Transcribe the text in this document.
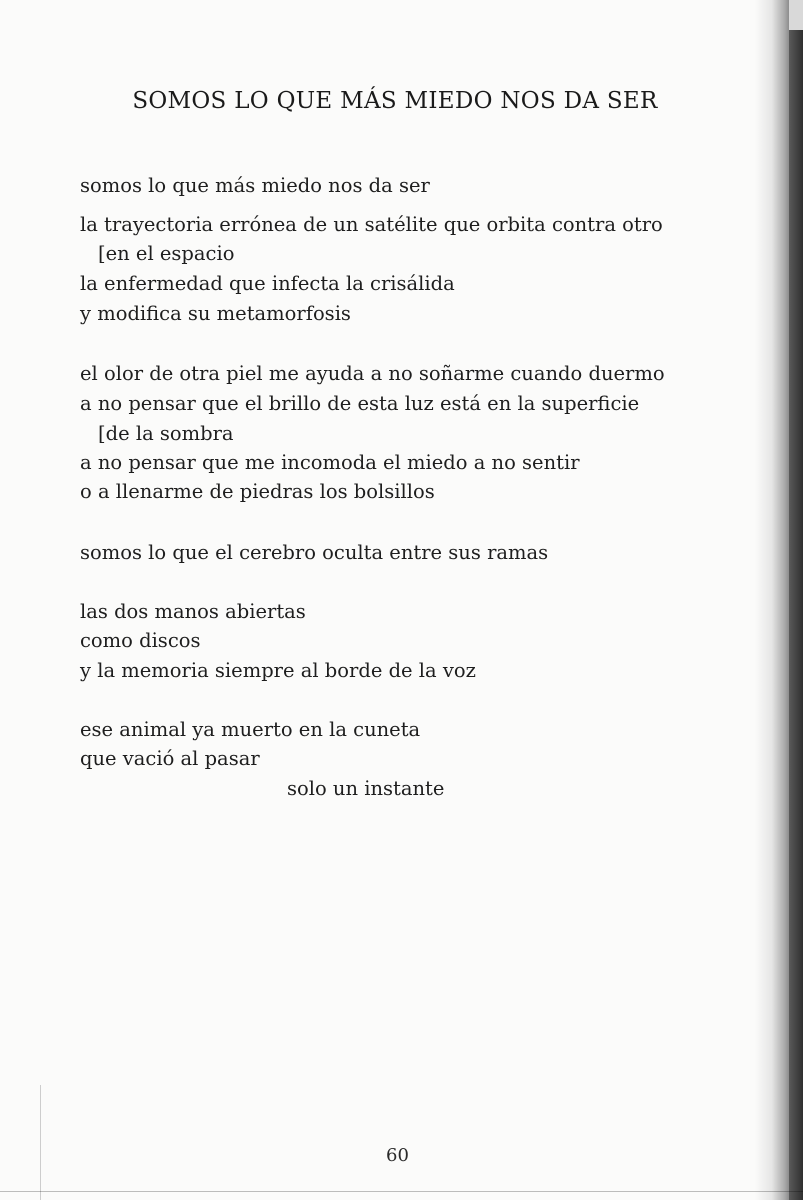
SOMOS LO QUE MÁS MIEDO NOS DA SER
somos lo que más miedo nos da ser
la trayectoria errónea de un satélite que orbita contra otro
[en el espacio
la enfermedad que infecta la crisálida
y modifica su metamorfosis
el olor de otra piel me ayuda a no soñarme cuando duermo
a no pensar que el brillo de esta luz está en la superficie
[de la sombra
a no pensar que me incomoda el miedo a no sentir
o a llenarme de piedras los bolsillos
somos lo que el cerebro oculta entre sus ramas
las dos manos abiertas
como discos
y la memoria siempre al borde de la voz
ese animal ya muerto en la cuneta
que vació al pasar
solo un instante
60
